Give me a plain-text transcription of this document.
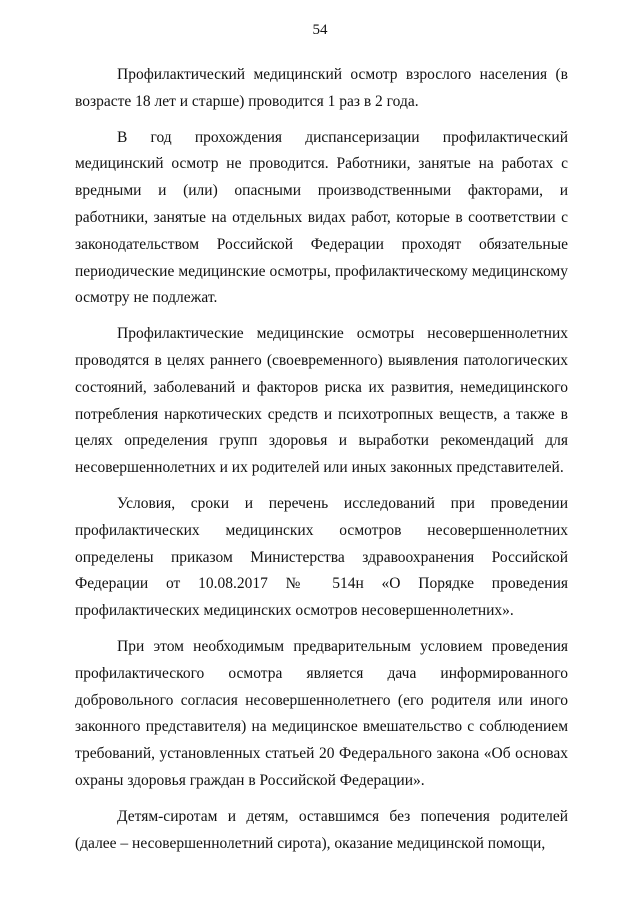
54

Профилактический медицинский осмотр взрослого населения (в возрасте 18 лет и старше) проводится 1 раз в 2 года.

В год прохождения диспансеризации профилактический медицинский осмотр не проводится. Работники, занятые на работах с вредными и (или) опасными производственными факторами, и работники, занятые на отдельных видах работ, которые в соответствии с законодательством Российской Федерации проходят обязательные периодические медицинские осмотры, профилактическому медицинскому осмотру не подлежат.

Профилактические медицинские осмотры несовершеннолетних проводятся в целях раннего (своевременного) выявления патологических состояний, заболеваний и факторов риска их развития, немедицинского потребления наркотических средств и психотропных веществ, а также в целях определения групп здоровья и выработки рекомендаций для несовершеннолетних и их родителей или иных законных представителей.

Условия, сроки и перечень исследований при проведении профилактических медицинских осмотров несовершеннолетних определены приказом Министерства здравоохранения Российской Федерации от 10.08.2017 № 514н «О Порядке проведения профилактических медицинских осмотров несовершеннолетних».

При этом необходимым предварительным условием проведения профилактического осмотра является дача информированного добровольного согласия несовершеннолетнего (его родителя или иного законного представителя) на медицинское вмешательство с соблюдением требований, установленных статьей 20 Федерального закона «Об основах охраны здоровья граждан в Российской Федерации».

Детям-сиротам и детям, оставшимся без попечения родителей (далее – несовершеннолетний сирота), оказание медицинской помощи,
